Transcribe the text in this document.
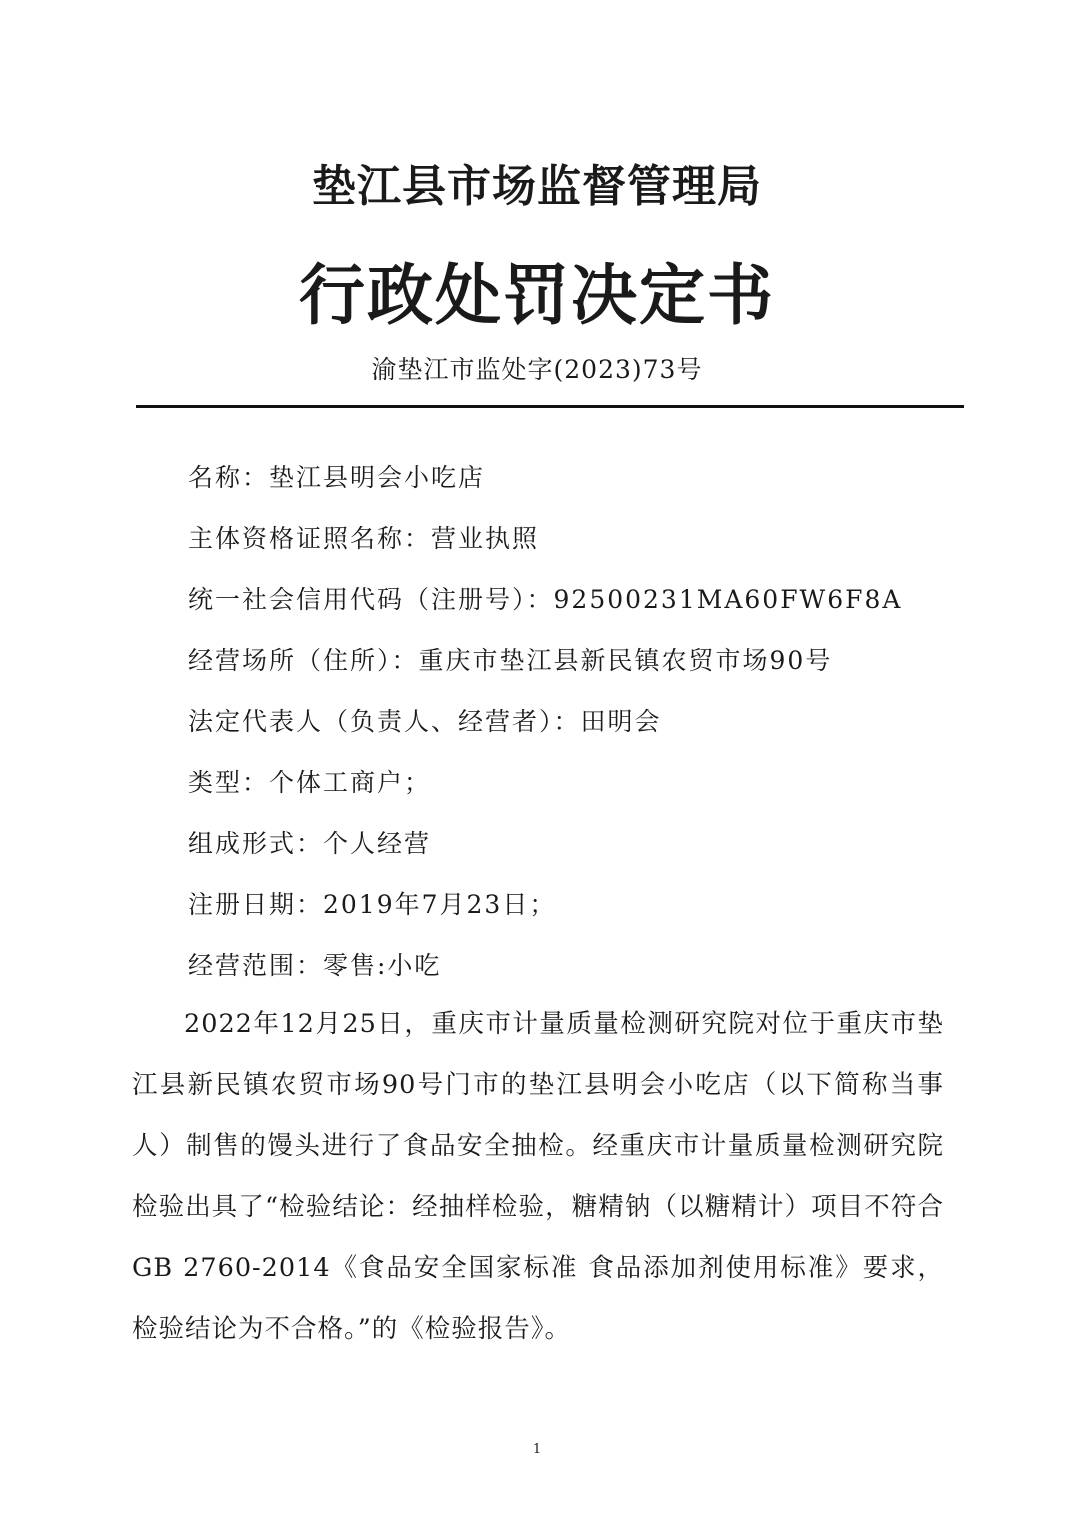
垫江县市场监督管理局
行政处罚决定书
渝垫江市监处字(2023)73号
名称：垫江县明会小吃店
主体资格证照名称：营业执照
统一社会信用代码（注册号）：92500231MA60FW6F8A
经营场所（住所）：重庆市垫江县新民镇农贸市场90号
法定代表人（负责人、经营者）：田明会
类型：个体工商户；
组成形式：个人经营
注册日期：2019年7月23日；
经营范围：零售:小吃

2022年12月25日，重庆市计量质量检测研究院对位于重庆市垫江县新民镇农贸市场90号门市的垫江县明会小吃店（以下简称当事人）制售的馒头进行了食品安全抽检。经重庆市计量质量检测研究院检验出具了“检验结论：经抽样检验，糖精钠（以糖精计）项目不符合GB 2760-2014《食品安全国家标准 食品添加剂使用标准》要求，检验结论为不合格。”的《检验报告》。

1
